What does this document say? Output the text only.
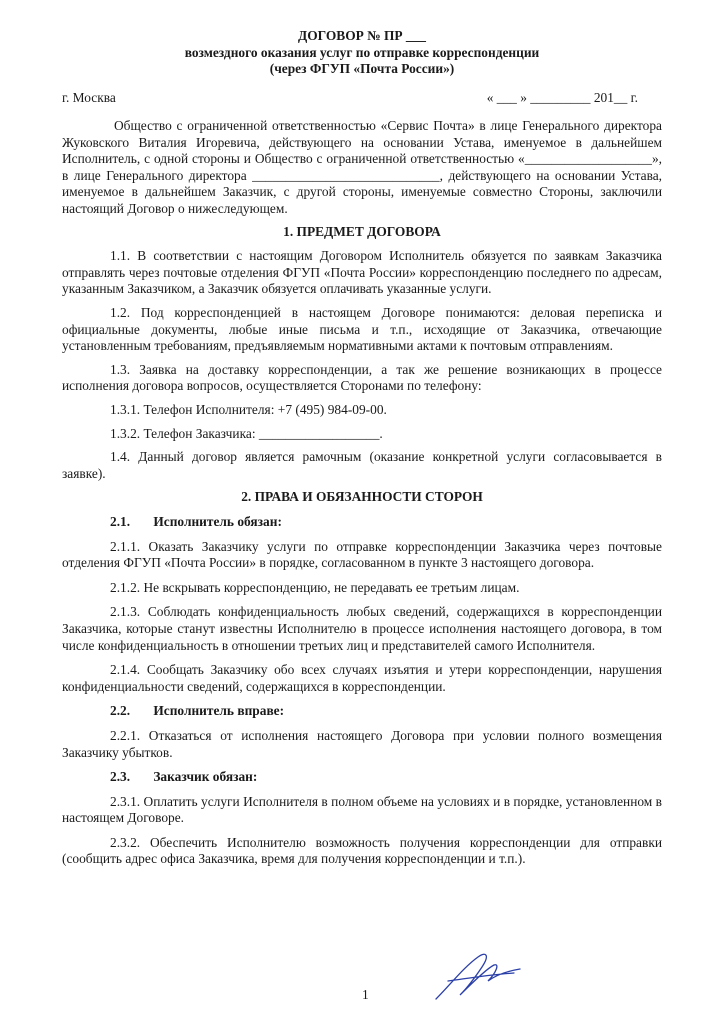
ДОГОВОР № ПР ___
возмездного оказания услуг по отправке корреспонденции
(через ФГУП «Почта России»)
г. Москва	« ___ » _________ 201__ г.

Общество с ограниченной ответственностью «Сервис Почта» в лице Генерального директора Жуковского Виталия Игоревича, действующего на основании Устава, именуемое в дальнейшем Исполнитель, с одной стороны и Общество с ограниченной ответственностью «___________________», в лице Генерального директора ____________________________, действующего на основании Устава, именуемое в дальнейшем Заказчик, с другой стороны, именуемые совместно Стороны, заключили настоящий Договор о нижеследующем.

1. ПРЕДМЕТ ДОГОВОРА

1.1. В соответствии с настоящим Договором Исполнитель обязуется по заявкам Заказчика отправлять через почтовые отделения ФГУП «Почта России» корреспонденцию последнего по адресам, указанным Заказчиком, а Заказчик обязуется оплачивать указанные услуги.

1.2. Под корреспонденцией в настоящем Договоре понимаются: деловая переписка и официальные документы, любые иные письма и т.п., исходящие от Заказчика, отвечающие установленным требованиям, предъявляемым нормативными актами к почтовым отправлениям.

1.3. Заявка на доставку корреспонденции, а так же решение возникающих в процессе исполнения договора вопросов, осуществляется Сторонами по телефону:

1.3.1. Телефон Исполнителя: +7 (495) 984-09-00.

1.3.2. Телефон Заказчика: __________________.

1.4. Данный договор является рамочным (оказание конкретной услуги согласовывается в заявке).

2. ПРАВА И ОБЯЗАННОСТИ СТОРОН
2.1. Исполнитель обязан:

2.1.1. Оказать Заказчику услуги по отправке корреспонденции Заказчика через почтовые отделения ФГУП «Почта России» в порядке, согласованном в пункте 3 настоящего договора.

2.1.2. Не вскрывать корреспонденцию, не передавать ее третьим лицам.

2.1.3. Соблюдать конфиденциальность любых сведений, содержащихся в корреспонденции Заказчика, которые станут известны Исполнителю в процессе исполнения настоящего договора, в том числе конфиденциальность в отношении третьих лиц и представителей самого Исполнителя.

2.1.4. Сообщать Заказчику обо всех случаях изъятия и утери корреспонденции, нарушения конфиденциальности сведений, содержащихся в корреспонденции.

2.2. Исполнитель вправе:

2.2.1. Отказаться от исполнения настоящего Договора при условии полного возмещения Заказчику убытков.

2.3. Заказчик обязан:

2.3.1. Оплатить услуги Исполнителя в полном объеме на условиях и в порядке, установленном в настоящем Договоре.

2.3.2. Обеспечить Исполнителю возможность получения корреспонденции для отправки (сообщить адрес офиса Заказчика, время для получения корреспонденции и т.п.).

1
